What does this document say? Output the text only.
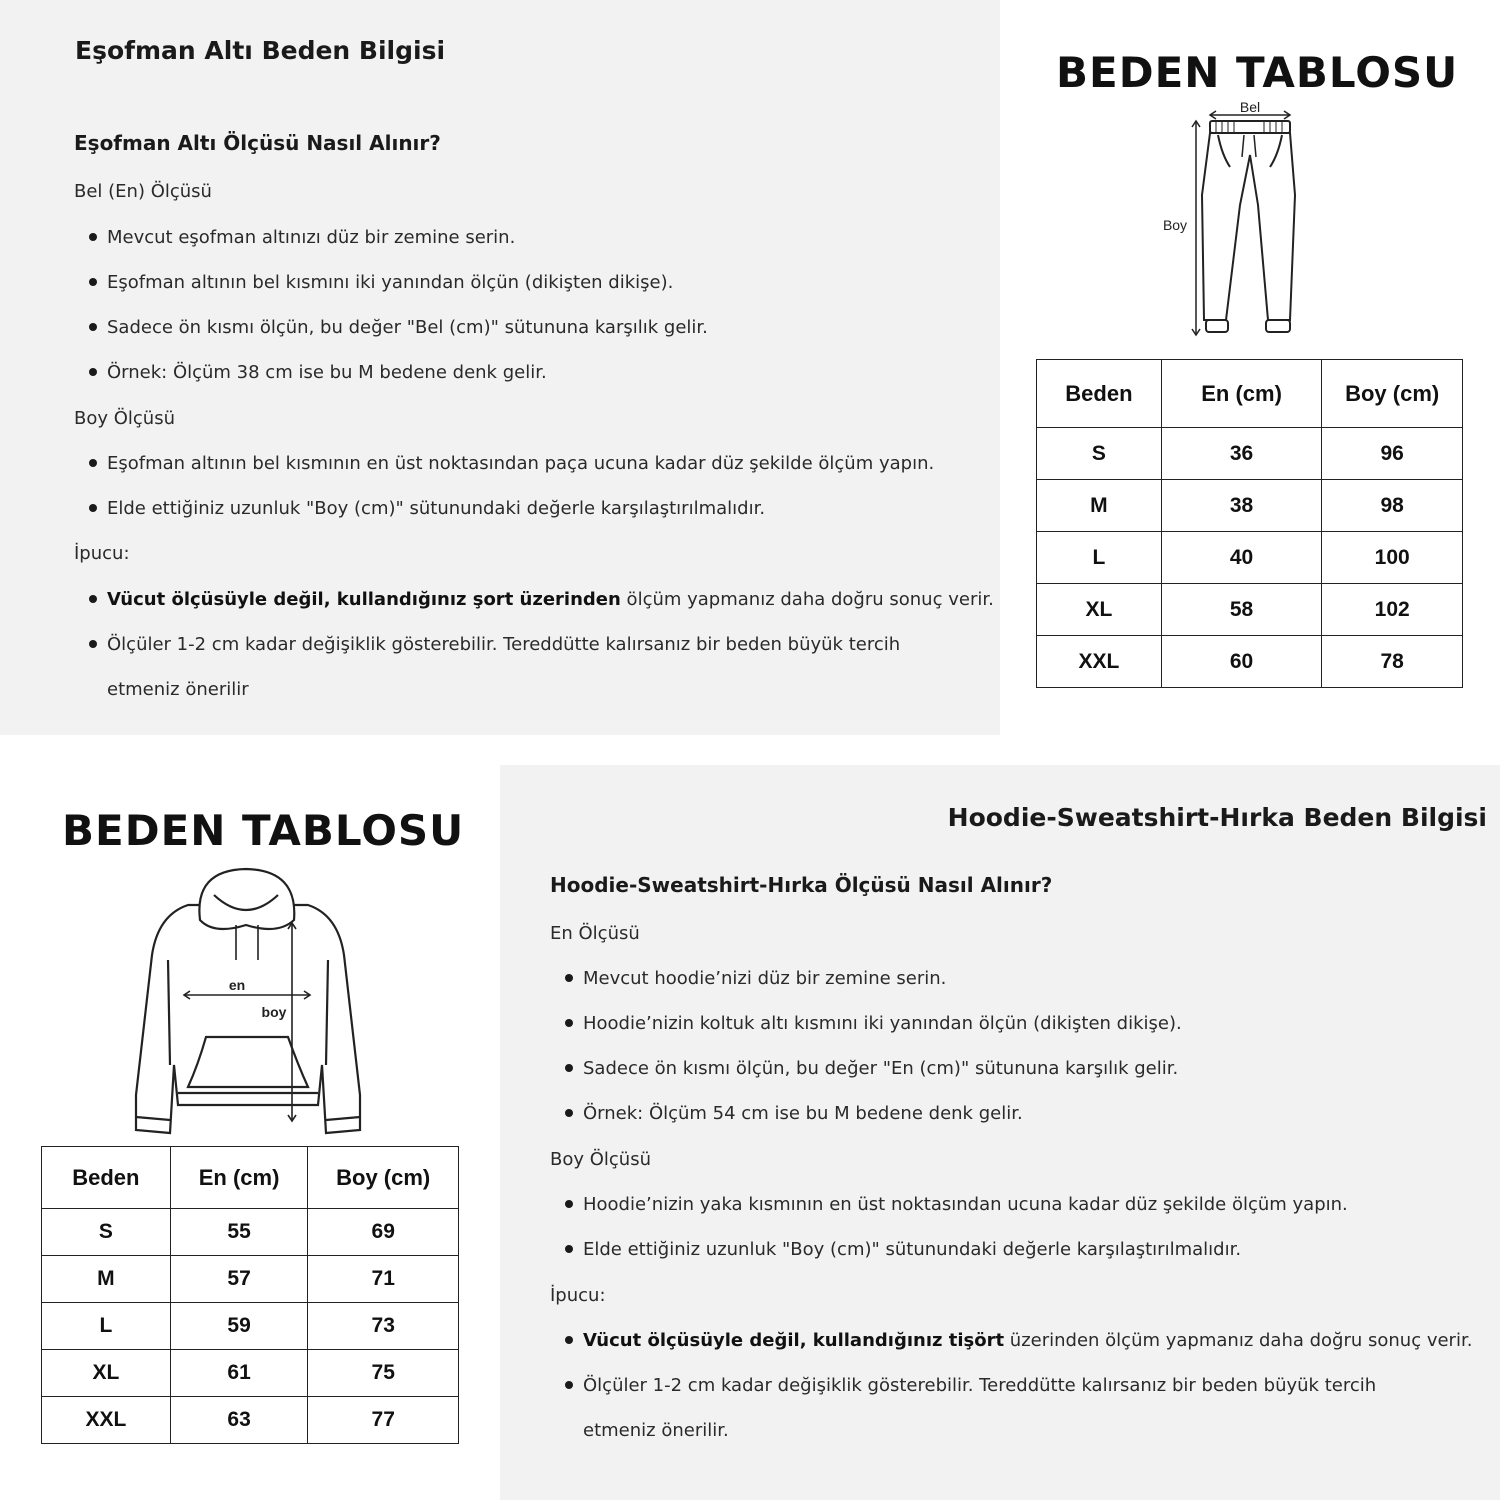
Eşofman Altı Beden Bilgisi
Eşofman Altı Ölçüsü Nasıl Alınır?

Bel (En) Ölçüsü

Mevcut eşofman altınızı düz bir zemine serin.

Eşofman altının bel kısmını iki yanından ölçün (dikişten dikişe).

Sadece ön kısmı ölçün, bu değer "Bel (cm)" sütununa karşılık gelir.

Örnek: Ölçüm 38 cm ise bu M bedene denk gelir.

Boy Ölçüsü

Eşofman altının bel kısmının en üst noktasından paça ucuna kadar düz şekilde ölçüm yapın.

Elde ettiğiniz uzunluk "Boy (cm)" sütunundaki değerle karşılaştırılmalıdır.

İpucu:

Vücut ölçüsüyle değil, kullandığınız şort üzerinden ölçüm yapmanız daha doğru sonuç verir.

Ölçüler 1-2 cm kadar değişiklik gösterebilir. Tereddütte kalırsanız bir beden büyük tercih etmeniz önerilir

BEDEN TABLOSU
Bel
Boy
Beden	En (cm)	Boy (cm)
S	36	96
M	38	98
L	40	100
XL	58	102
XXL	60	78
BEDEN TABLOSU
en
boy
Beden	En (cm)	Boy (cm)
S	55	69
M	57	71
L	59	73
XL	61	75
XXL	63	77
Hoodie-Sweatshirt-Hırka Beden Bilgisi
Hoodie-Sweatshirt-Hırka Ölçüsü Nasıl Alınır?

En Ölçüsü

Mevcut hoodie’nizi düz bir zemine serin.

Hoodie’nizin koltuk altı kısmını iki yanından ölçün (dikişten dikişe).

Sadece ön kısmı ölçün, bu değer "En (cm)" sütununa karşılık gelir.

Örnek: Ölçüm 54 cm ise bu M bedene denk gelir.

Boy Ölçüsü

Hoodie’nizin yaka kısmının en üst noktasından ucuna kadar düz şekilde ölçüm yapın.

Elde ettiğiniz uzunluk "Boy (cm)" sütunundaki değerle karşılaştırılmalıdır.

İpucu:

Vücut ölçüsüyle değil, kullandığınız tişört üzerinden ölçüm yapmanız daha doğru sonuç verir.

Ölçüler 1-2 cm kadar değişiklik gösterebilir. Tereddütte kalırsanız bir beden büyük tercih etmeniz önerilir.
